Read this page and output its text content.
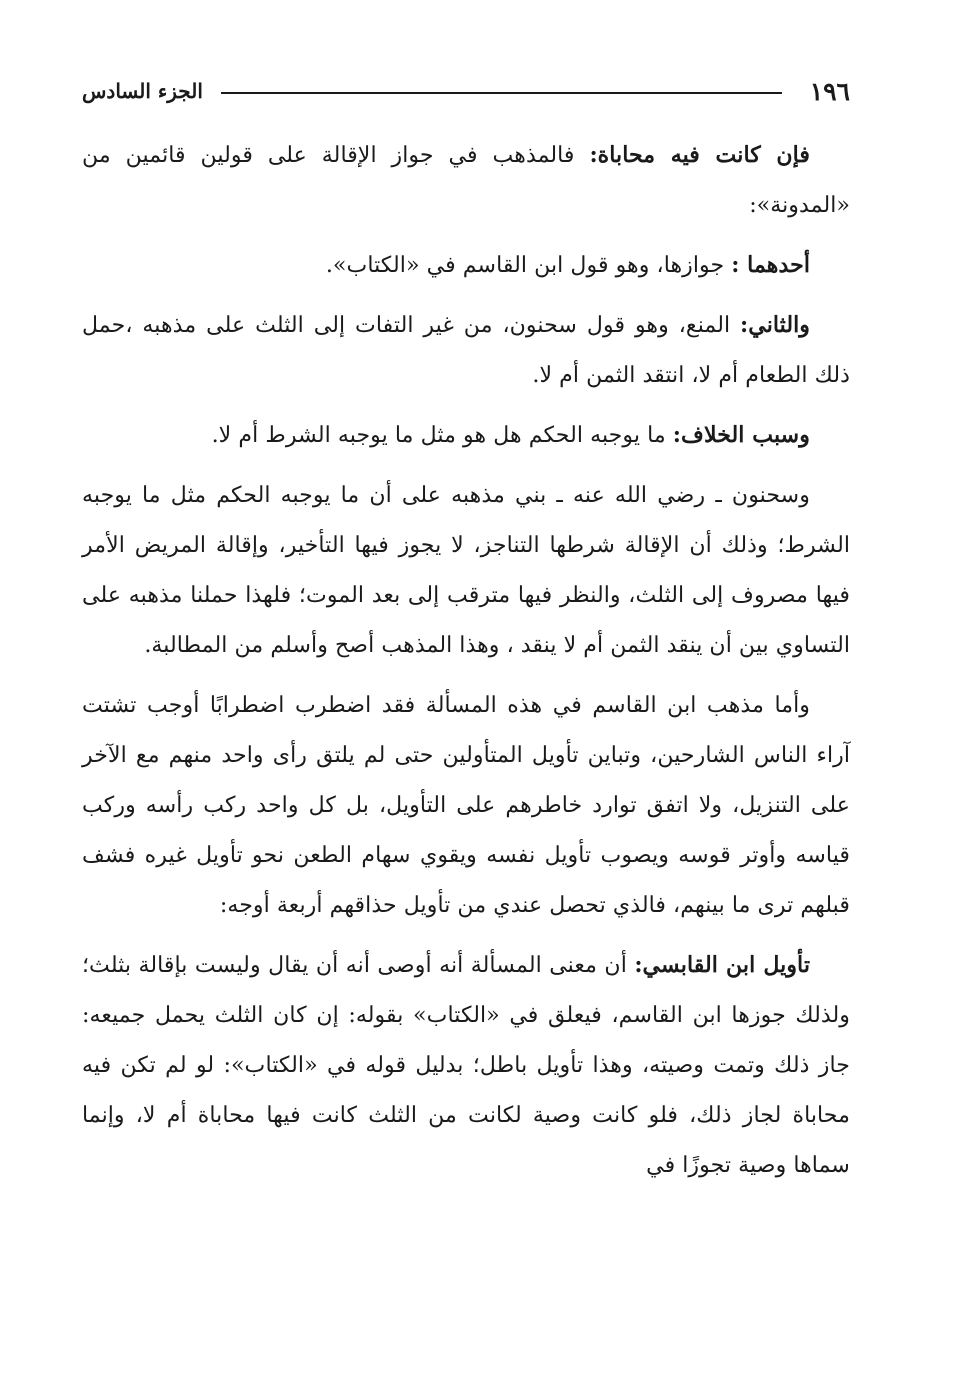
١٩٦
الجزء السادس

فإن كانت فيه محاباة: فالمذهب في جواز الإقالة على قولين قائمين من «المدونة»:

أحدهما : جوازها، وهو قول ابن القاسم في «الكتاب».

والثاني: المنع، وهو قول سحنون، من غير التفات إلى الثلث على مذهبه ،حمل ذلك الطعام أم لا، انتقد الثمن أم لا.

وسبب الخلاف: ما يوجبه الحكم هل هو مثل ما يوجبه الشرط أم لا.

وسحنون ـ رضي الله عنه ـ بني مذهبه على أن ما يوجبه الحكم مثل ما يوجبه الشرط؛ وذلك أن الإقالة شرطها التناجز، لا يجوز فيها التأخير، وإقالة المريض الأمر فيها مصروف إلى الثلث، والنظر فيها مترقب إلى بعد الموت؛ فلهذا حملنا مذهبه على التساوي بين أن ينقد الثمن أم لا ينقد ، وهذا المذهب أصح وأسلم من المطالبة.

وأما مذهب ابن القاسم في هذه المسألة فقد اضطرب اضطرابًا أوجب تشتت آراء الناس الشارحين، وتباين تأويل المتأولين حتى لم يلتق رأى واحد منهم مع الآخر على التنزيل، ولا اتفق توارد خاطرهم على التأويل، بل كل واحد ركب رأسه وركب قياسه وأوتر قوسه ويصوب تأويل نفسه ويقوي سهام الطعن نحو تأويل غيره فشف قبلهم ترى ما بينهم، فالذي تحصل عندي من تأويل حذاقهم أربعة أوجه:

تأويل ابن القابسي: أن معنى المسألة أنه أوصى أنه أن يقال وليست بإقالة بثلث؛ ولذلك جوزها ابن القاسم، فيعلق في «الكتاب» بقوله: إن كان الثلث يحمل جميعه: جاز ذلك وتمت وصيته، وهذا تأويل باطل؛ بدليل قوله في «الكتاب»: لو لم تكن فيه محاباة لجاز ذلك، فلو كانت وصية لكانت من الثلث كانت فيها محاباة أم لا، وإنما سماها وصية تجوزًا في
